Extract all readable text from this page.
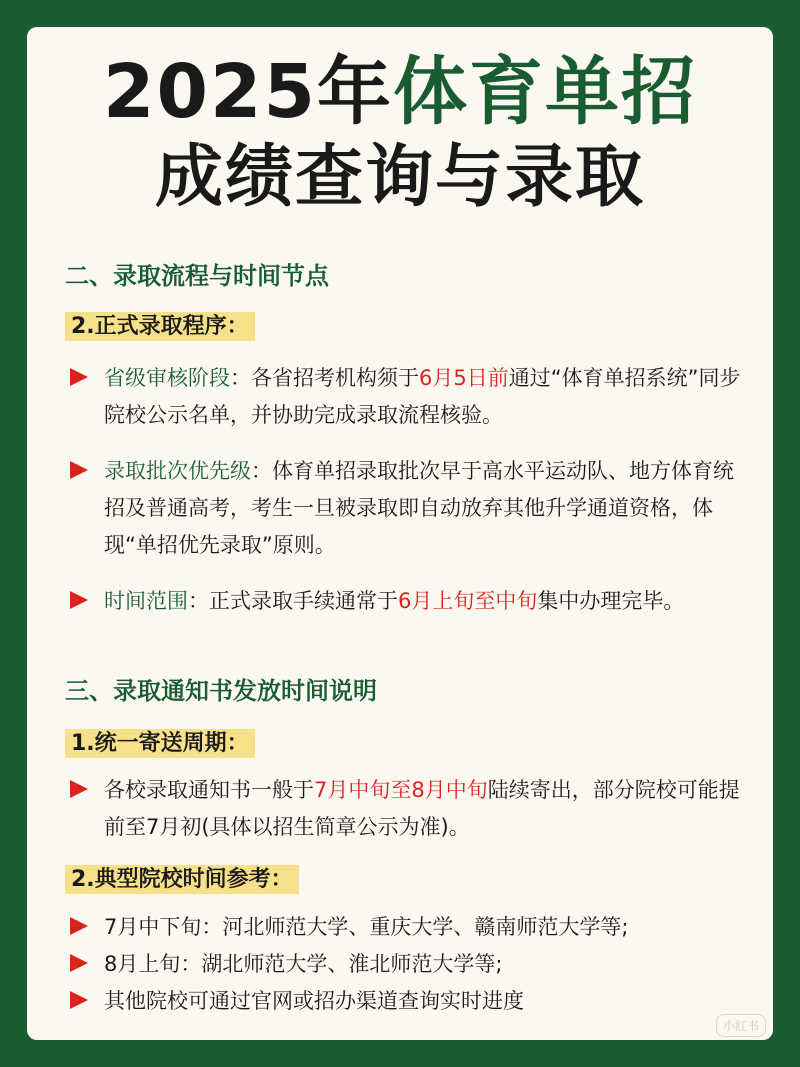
2025年体育单招
成绩查询与录取
二、录取流程与时间节点
2.正式录取程序：
省级审核阶段：各省招考机构须于6月5日前通过“体育单招系统”同步院校公示名单，并协助完成录取流程核验。
录取批次优先级：体育单招录取批次早于高水平运动队、地方体育统招及普通高考，考生一旦被录取即自动放弃其他升学通道资格，体现“单招优先录取”原则。
时间范围：正式录取手续通常于6月上旬至中旬集中办理完毕。
三、录取通知书发放时间说明
1.统一寄送周期：
各校录取通知书一般于7月中旬至8月中旬陆续寄出，部分院校可能提前至7月初(具体以招生简章公示为准)。
2.典型院校时间参考：
7月中下旬：河北师范大学、重庆大学、赣南师范大学等;
8月上旬：湖北师范大学、淮北师范大学等;
其他院校可通过官网或招办渠道查询实时进度
小红书
